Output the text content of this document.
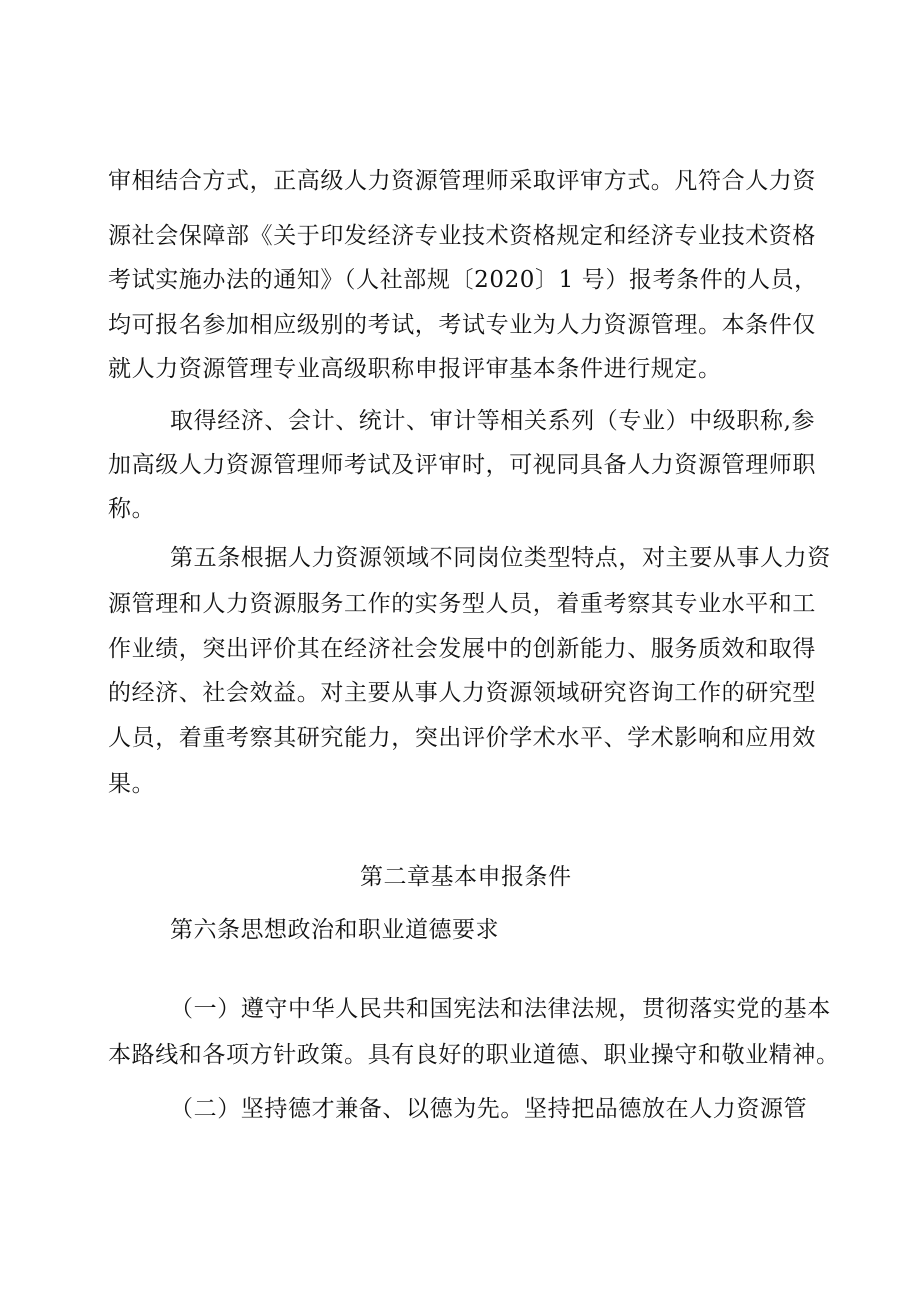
审相结合方式，正高级人力资源管理师采取评审方式。凡符合人力资
源社会保障部《关于印发经济专业技术资格规定和经济专业技术资格
考试实施办法的通知》（人社部规〔2020〕1 号）报考条件的人员，
均可报名参加相应级别的考试，考试专业为人力资源管理。本条件仅
就人力资源管理专业高级职称申报评审基本条件进行规定。
取得经济、会计、统计、审计等相关系列（专业）中级职称,参
加高级人力资源管理师考试及评审时，可视同具备人力资源管理师职
称。
第五条根据人力资源领域不同岗位类型特点，对主要从事人力资
源管理和人力资源服务工作的实务型人员，着重考察其专业水平和工
作业绩，突出评价其在经济社会发展中的创新能力、服务质效和取得
的经济、社会效益。对主要从事人力资源领域研究咨询工作的研究型
人员，着重考察其研究能力，突出评价学术水平、学术影响和应用效
果。
第二章基本申报条件
第六条思想政治和职业道德要求
（一）遵守中华人民共和国宪法和法律法规，贯彻落实党的基本
本路线和各项方针政策。具有良好的职业道德、职业操守和敬业精神。
（二）坚持德才兼备、以德为先。坚持把品德放在人力资源管
